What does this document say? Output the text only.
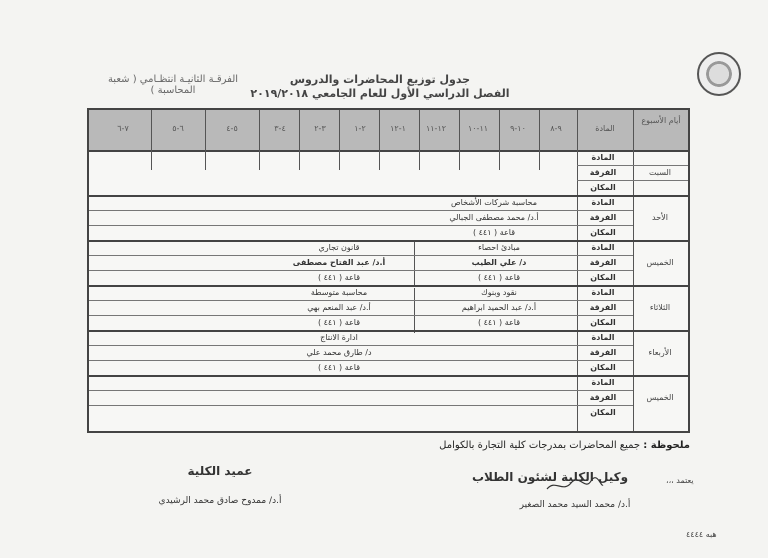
جدول توزيع المحاضرات والدروس
الفصل الدراسي الأول للعام الجامعي ٢٠١٩/٢٠١٨
الفرقـة الثانيـة انتظـامي ( شعبة المحاسبة )
أيام الأسبوع
المادة
٩-٨
١٠-٩
١١-١٠
١٢-١١
١-١٢
٢-١
٣-٢
٤-٣
٥-٤
٦-٥
٧-٦
المادة
الفرقة
المكان
المادة
الفرقة
المكان
المادة
الفرقة
المكان
المادة
الفرقة
المكان
المادة
الفرقة
المكان
المادة
الفرقة
المكان
السبت
الأحد
الخميس
الثلاثاء
الأربعاء
الخميس
محاسبة شركات الأشخاص
أ.د/ محمد مصطفى الجبالي
قاعة ( ٤٤١ )
مبادئ احصاء
د/ علي الطيب
قاعة ( ٤٤١ )
قانون تجاري
أ.د/ عبد الفتاح مصطفى
قاعة ( ٤٤١ )
نقود وبنوك
أ.د/ عبد الحميد ابراهيم
قاعة ( ٤٤١ )
محاسبة متوسطة
أ.د/ عبد المنعم بهي
قاعة ( ٤٤١ )
ادارة الانتاج
د/ طارق محمد علي
قاعة ( ٤٤١ )
ملحوظة : جميع المحاضرات بمدرجات كلية التجارة بالكوامل
يعتمد ،،،
وكيل الكلية لشئون الطلاب
أ.د/ محمد السيد محمد الصغير
عميد الكلية
أ.د/ ممدوح صادق محمد الرشيدي
هبه ٤٤٤٤
